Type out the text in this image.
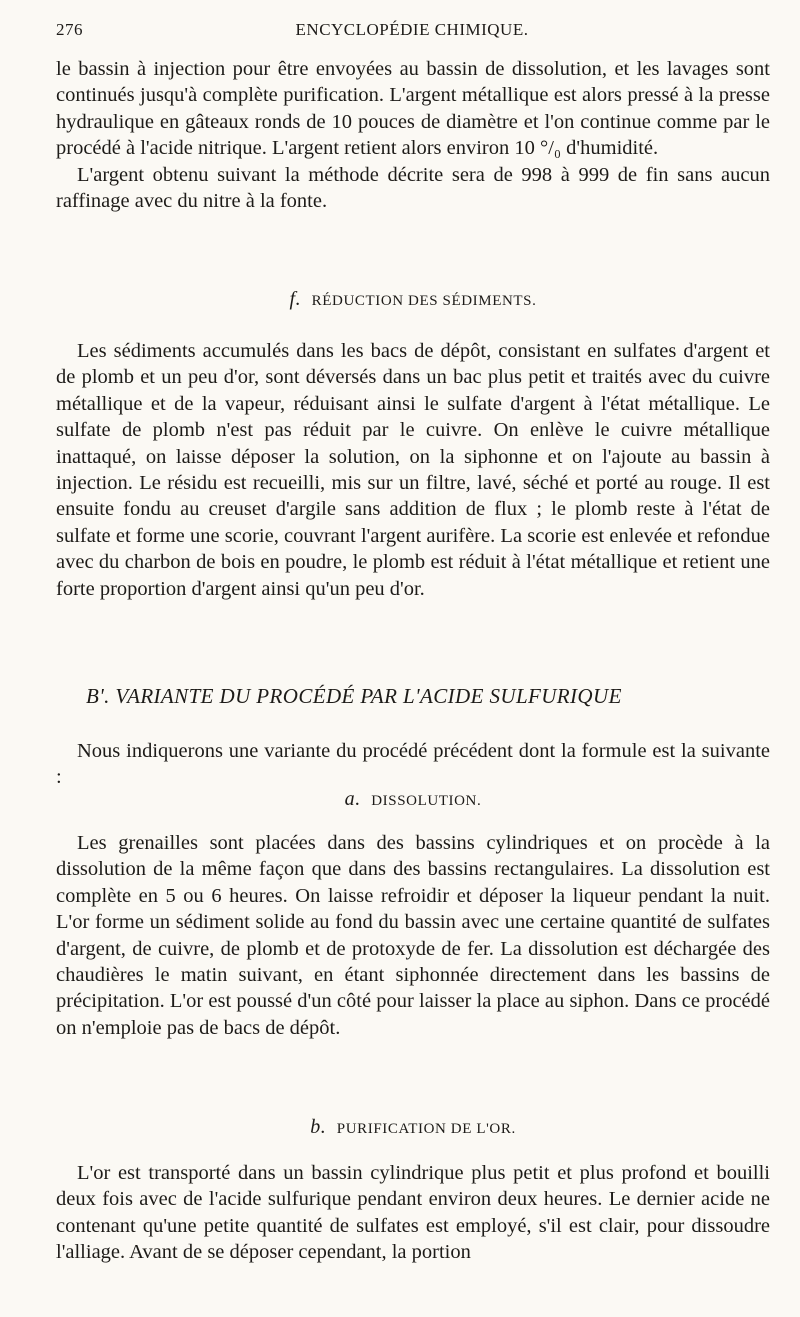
276	ENCYCLOPÉDIE CHIMIQUE.

le bassin à injection pour être envoyées au bassin de dissolution, et les lavages sont continués jusqu'à complète purification. L'argent métallique est alors pressé à la presse hydraulique en gâteaux ronds de 10 pouces de diamètre et l'on continue comme par le procédé à l'acide nitrique. L'argent retient alors environ 10 °/₀ d'humidité.

L'argent obtenu suivant la méthode décrite sera de 998 à 999 de fin sans aucun raffinage avec du nitre à la fonte.

f. RÉDUCTION DES SÉDIMENTS.

Les sédiments accumulés dans les bacs de dépôt, consistant en sulfates d'argent et de plomb et un peu d'or, sont déversés dans un bac plus petit et traités avec du cuivre métallique et de la vapeur, réduisant ainsi le sulfate d'argent à l'état métallique. Le sulfate de plomb n'est pas réduit par le cuivre. On enlève le cuivre métallique inattaqué, on laisse déposer la solution, on la siphonne et on l'ajoute au bassin à injection. Le résidu est recueilli, mis sur un filtre, lavé, séché et porté au rouge. Il est ensuite fondu au creuset d'argile sans addition de flux ; le plomb reste à l'état de sulfate et forme une scorie, couvrant l'argent aurifère. La scorie est enlevée et refondue avec du charbon de bois en poudre, le plomb est réduit à l'état métallique et retient une forte proportion d'argent ainsi qu'un peu d'or.

B'. VARIANTE DU PROCÉDÉ PAR L'ACIDE SULFURIQUE

Nous indiquerons une variante du procédé précédent dont la formule est la suivante :

a. DISSOLUTION.

Les grenailles sont placées dans des bassins cylindriques et on procède à la dissolution de la même façon que dans des bassins rectangulaires. La dissolution est complète en 5 ou 6 heures. On laisse refroidir et déposer la liqueur pendant la nuit. L'or forme un sédiment solide au fond du bassin avec une certaine quantité de sulfates d'argent, de cuivre, de plomb et de protoxyde de fer. La dissolution est déchargée des chaudières le matin suivant, en étant siphonnée directement dans les bassins de précipitation. L'or est poussé d'un côté pour laisser la place au siphon. Dans ce procédé on n'emploie pas de bacs de dépôt.

b. PURIFICATION DE L'OR.

L'or est transporté dans un bassin cylindrique plus petit et plus profond et bouilli deux fois avec de l'acide sulfurique pendant environ deux heures. Le dernier acide ne contenant qu'une petite quantité de sulfates est employé, s'il est clair, pour dissoudre l'alliage. Avant de se déposer cependant, la portion
